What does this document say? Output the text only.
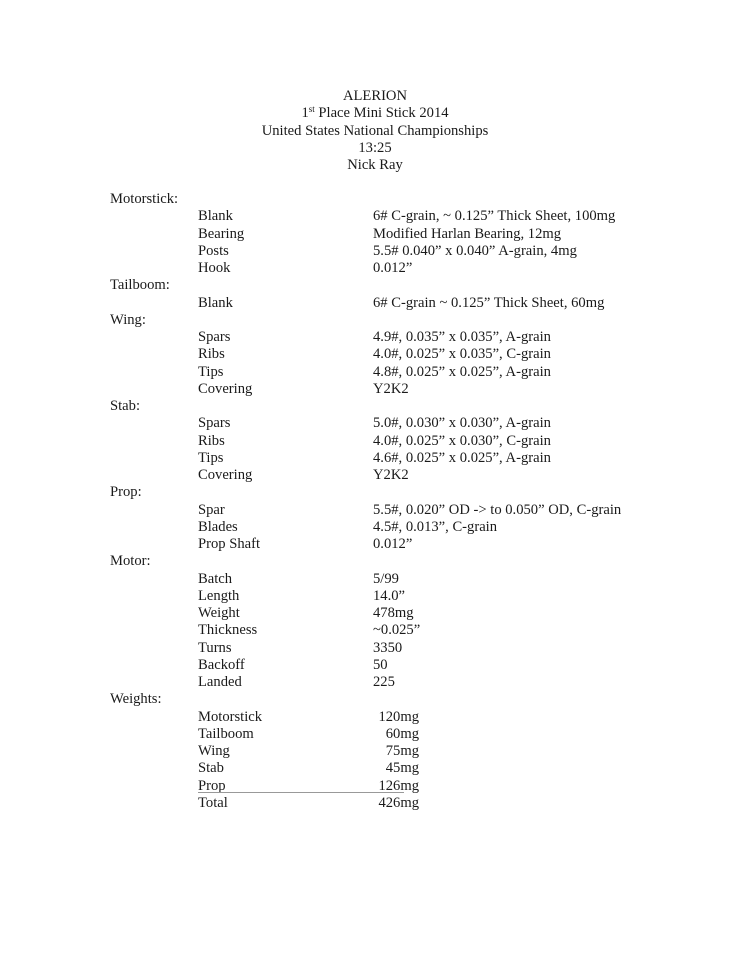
ALERION
1st Place Mini Stick 2014
United States National Championships
13:25
Nick Ray
Motorstick:
Blank	6# C-grain, ~ 0.125” Thick Sheet, 100mg
Bearing	Modified Harlan Bearing, 12mg
Posts	5.5# 0.040” x 0.040” A-grain, 4mg
Hook	0.012”
Tailboom:
Blank	6# C-grain ~ 0.125” Thick Sheet, 60mg
Wing:
Spars	4.9#, 0.035” x 0.035”, A-grain
Ribs	4.0#, 0.025” x 0.035”, C-grain
Tips	4.8#, 0.025” x 0.025”, A-grain
Covering	Y2K2
Stab:
Spars	5.0#, 0.030” x 0.030”, A-grain
Ribs	4.0#, 0.025” x 0.030”, C-grain
Tips	4.6#, 0.025” x 0.025”, A-grain
Covering	Y2K2
Prop:
Spar	5.5#, 0.020” OD -> to 0.050” OD, C-grain
Blades	4.5#, 0.013”, C-grain
Prop Shaft	0.012”
Motor:
Batch	5/99
Length	14.0”
Weight	478mg
Thickness	~0.025”
Turns	3350
Backoff	50
Landed	225
Weights:
Motorstick	120mg
Tailboom	60mg
Wing	75mg
Stab	45mg
Prop	126mg
Total	426mg
